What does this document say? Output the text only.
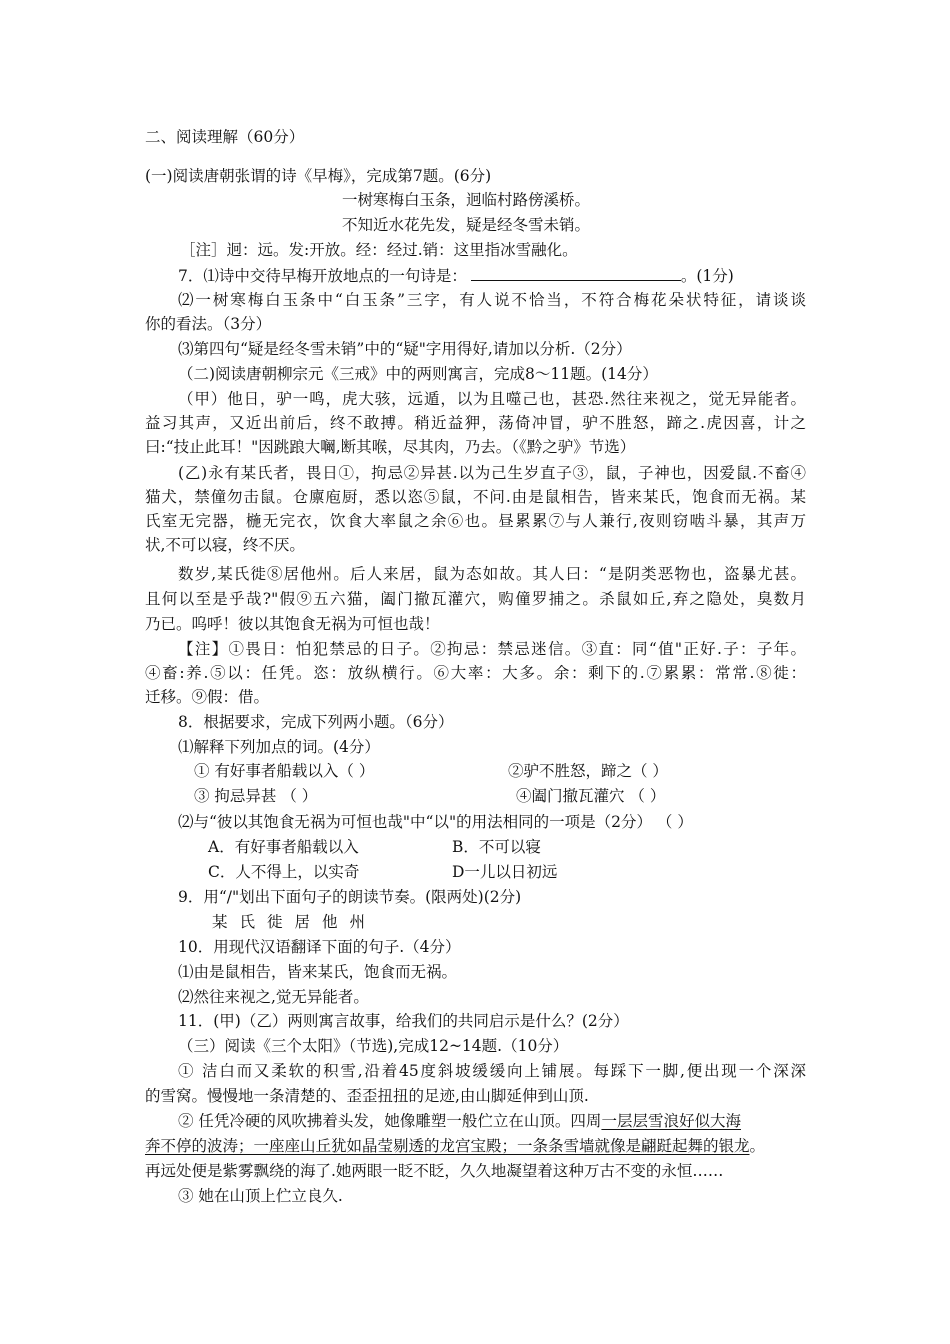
二、阅读理解（60分）
(一)阅读唐朝张谓的诗《早梅》，完成第7题。(6分)
一树寒梅白玉条，迥临村路傍溪桥。
不知近水花先发，疑是经冬雪未销。
［注］迥：远。发:开放。经：经过.销：这里指冰雪融化。
7．⑴诗中交待早梅开放地点的一句诗是：	。(1分)
⑵一树寒梅白玉条中“白玉条”三字，有人说不恰当，不符合梅花朵状特征，请谈谈
你的看法。（3分）
⑶第四句“疑是经冬雪未销”中的“疑"字用得好,请加以分析.（2分）
（二)阅读唐朝柳宗元《三戒》中的两则寓言，完成8～11题。(14分）
（甲）他日，驴一鸣，虎大骇，远遁，以为且噬己也，甚恐.然往来视之，觉无异能者。
益习其声，又近出前后，终不敢搏。稍近益狎，荡倚冲冒，驴不胜怒，蹄之.虎因喜，计之
曰:“技止此耳！"因跳踉大㘎,断其喉，尽其肉，乃去。（《黔之驴》节选）
(乙)永有某氏者，畏日①，拘忌②异甚.以为己生岁直子③，鼠，子神也，因爱鼠.不畜④
猫犬，禁僮勿击鼠。仓廪庖厨，悉以恣⑤鼠，不问.由是鼠相告，皆来某氏，饱食而无祸。某
氏室无完器，椸无完衣，饮食大率鼠之余⑥也。昼累累⑦与人兼行,夜则窃啮斗暴，其声万
状,不可以寝，终不厌。
数岁,某氏徙⑧居他州。后人来居，鼠为态如故。其人曰：“是阴类恶物也，盗暴尤甚。
且何以至是乎哉?"假⑨五六猫，阖门撤瓦灌穴，购僮罗捕之。杀鼠如丘,弃之隐处，臭数月
乃已。呜呼！彼以其饱食无祸为可恒也哉！
【注】①畏日：怕犯禁忌的日子。②拘忌：禁忌迷信。③直：同“值"正好.子：子年。
④畜:养.⑤以：任凭。恣：放纵横行。⑥大率：大多。余：剩下的.⑦累累：常常.⑧徙：
迁移。⑨假：借。
8．根据要求，完成下列两小题。（6分）
⑴解释下列加点的词。(4分）
① 有好事者船载以入（ ）	②驴不胜怒，蹄之（ ）
③ 拘忌异甚 （ ）	④阖门撤瓦灌穴 （ ）
⑵与“彼以其饱食无祸为可恒也哉"中“以"的用法相同的一项是（2分） （ ）
A．有好事者船载以入	B．不可以寝
C．人不得上，以实奇	D一儿以日初远
9．用“/"划出下面句子的朗读节奏。(限两处)(2分)
某氏徙居他州
10．用现代汉语翻译下面的句子.（4分）
⑴由是鼠相告，皆来某氏，饱食而无祸。
⑵然往来视之,觉无异能者。
11．(甲)（乙）两则寓言故事，给我们的共同启示是什么？(2分）
（三）阅读《三个太阳》（节选),完成12~14题.（10分）
① 洁白而又柔软的积雪,沿着45度斜坡缓缓向上铺展。每踩下一脚,便出现一个深深
的雪窝。慢慢地一条清楚的、歪歪扭扭的足迹,由山脚延伸到山顶.
② 任凭冷硬的风吹拂着头发，她像雕塑一般伫立在山顶。四周一层层雪浪好似大海
奔不停的波涛；一座座山丘犹如晶莹剔透的龙宫宝殿；一条条雪墙就像是翩跹起舞的银龙。
再远处便是紫雾飘绕的海了.她两眼一眨不眨，久久地凝望着这种万古不变的永恒……
③ 她在山顶上伫立良久.
